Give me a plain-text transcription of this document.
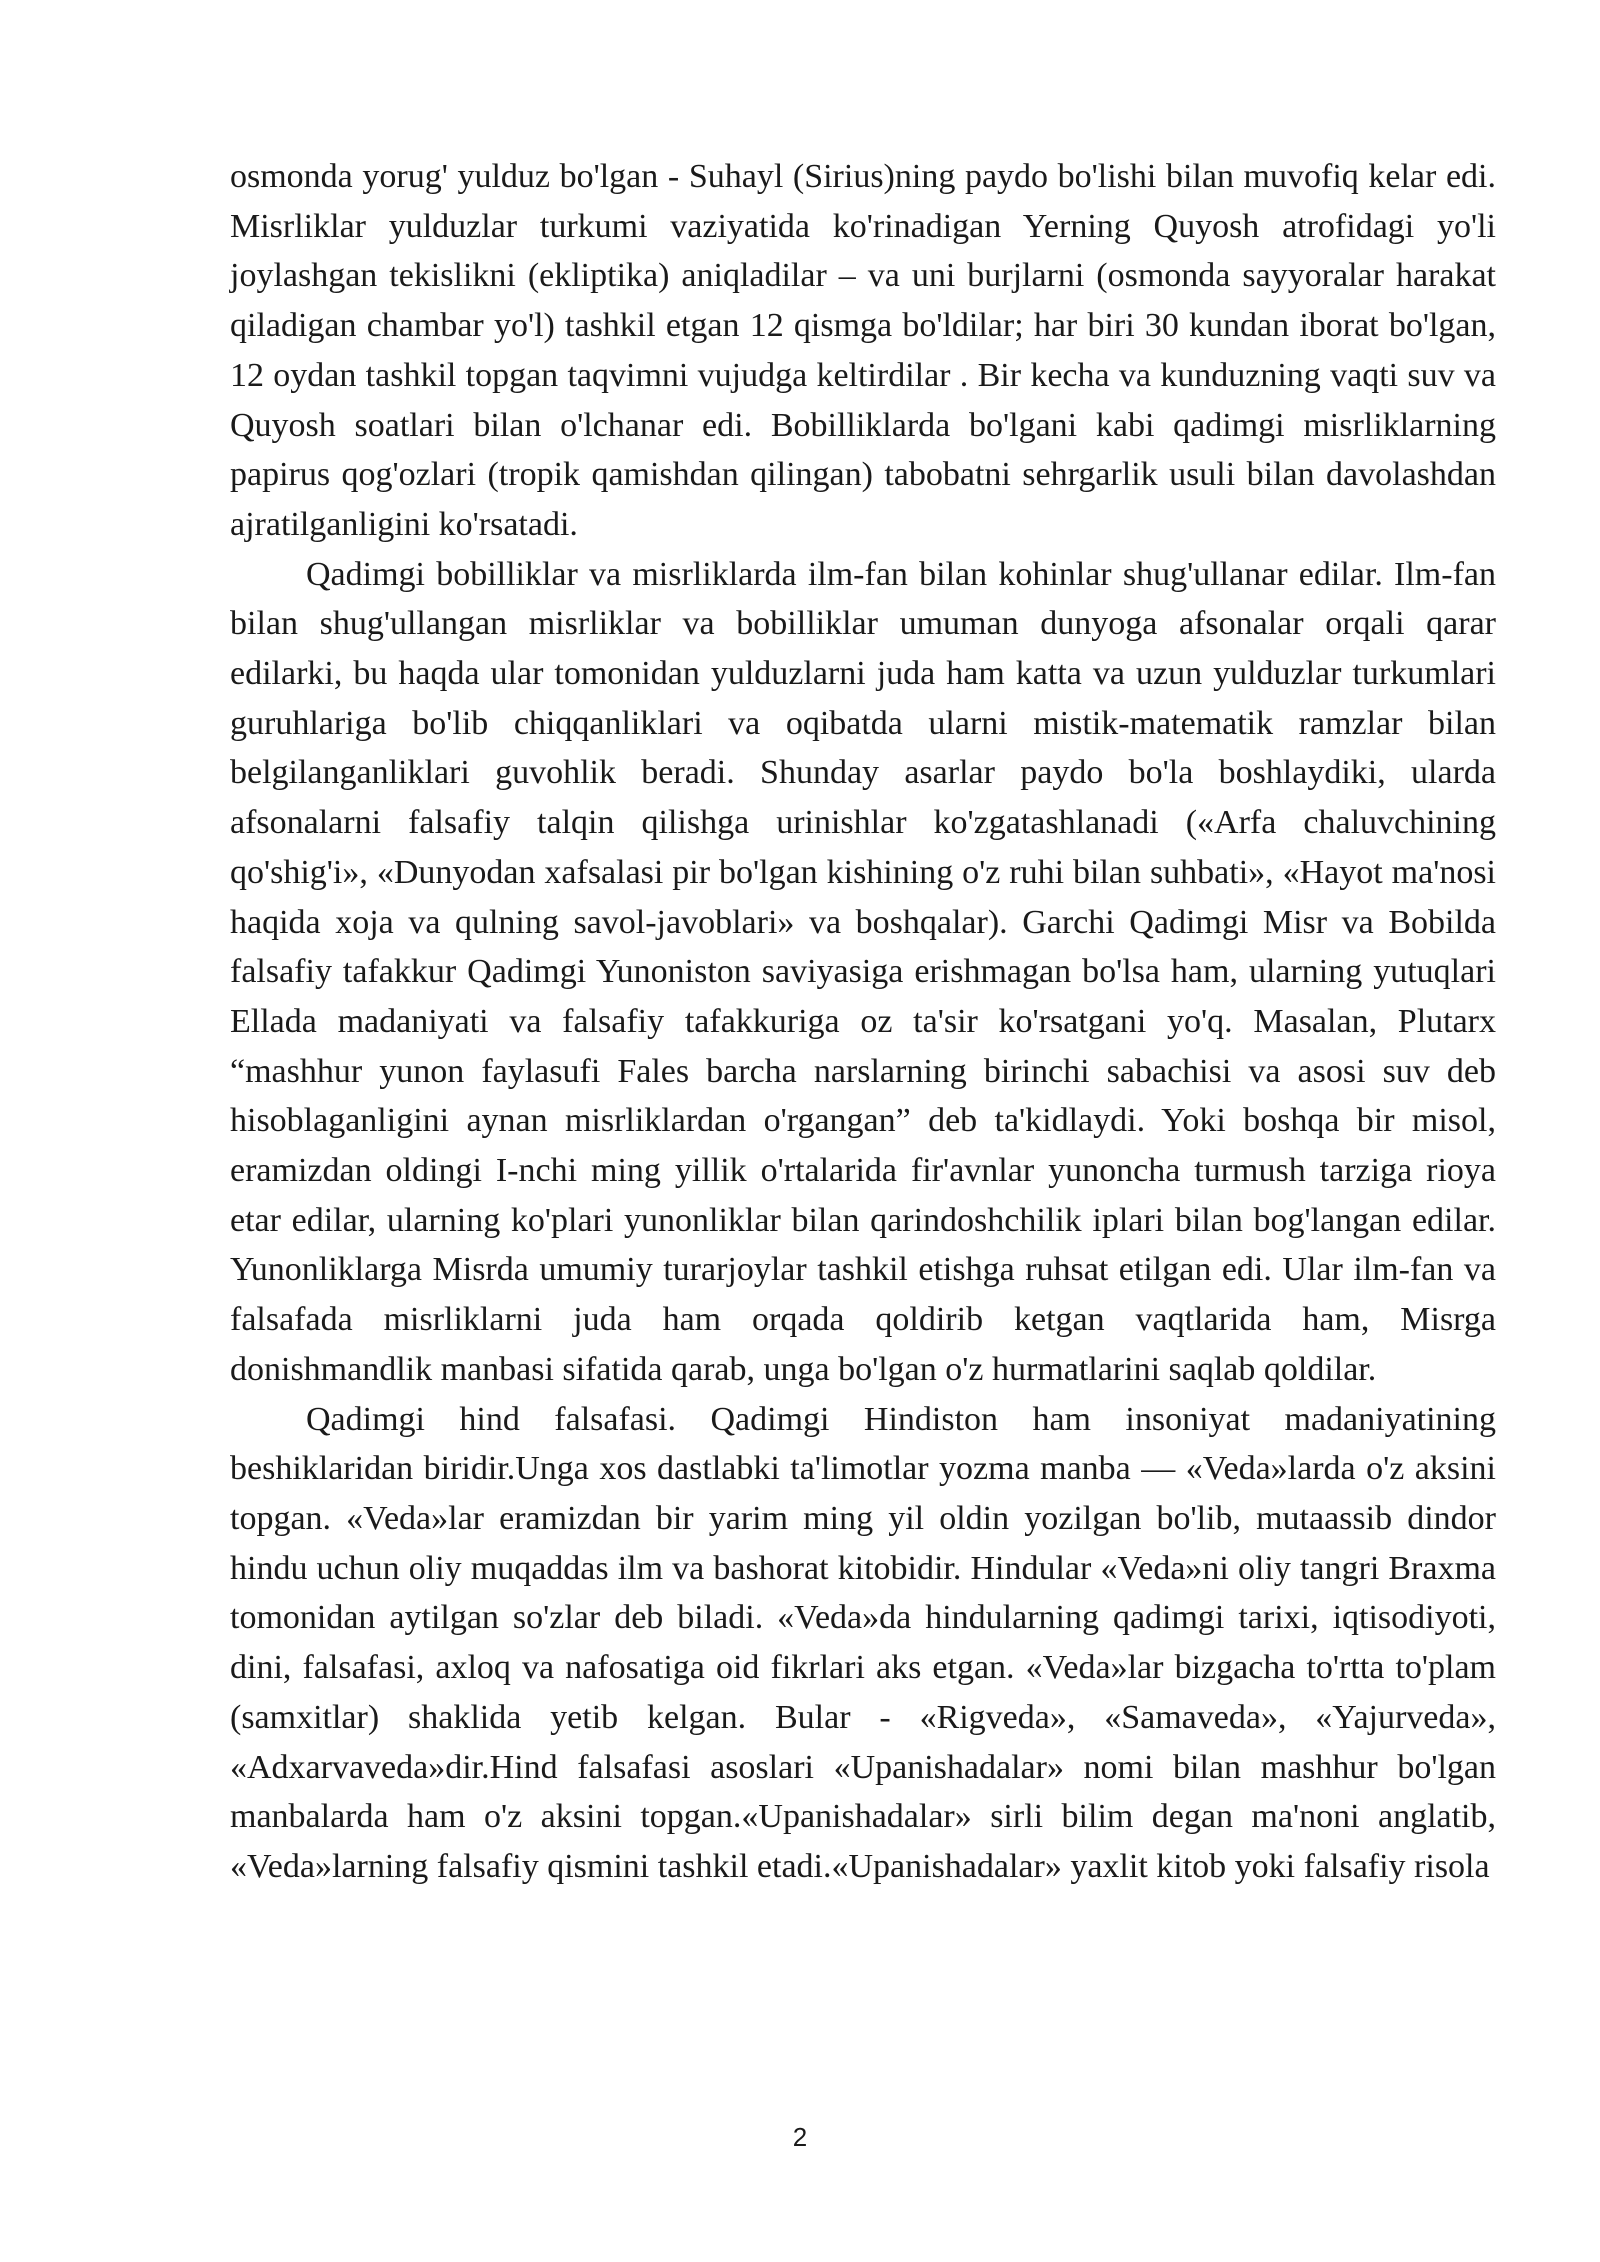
osmonda yorug' yulduz bo'lgan - Suhayl (Sirius)ning paydo bo'lishi bilan muvofiq kelar edi. Misrliklar yulduzlar turkumi vaziyatida ko'rinadigan Yerning Quyosh atrofidagi yo'li joylashgan tekislikni (ekliptika) aniqladilar – va uni burjlarni (osmonda sayyoralar harakat qiladigan chambar yo'l) tashkil etgan 12 qismga bo'ldilar; har biri 30 kundan iborat bo'lgan, 12 oydan tashkil topgan taqvimni vujudga keltirdilar . Bir kecha va kunduzning vaqti suv va Quyosh soatlari bilan o'lchanar edi. Bobilliklarda bo'lgani kabi qadimgi misrliklarning papirus qog'ozlari (tropik qamishdan qilingan) tabobatni sehrgarlik usuli bilan davolashdan ajratilganligini ko'rsatadi.

Qadimgi bobilliklar va misrliklarda ilm-fan bilan kohinlar shug'ullanar edilar. Ilm-fan bilan shug'ullangan misrliklar va bobilliklar umuman dunyoga afsonalar orqali qarar edilarki, bu haqda ular tomonidan yulduzlarni juda ham katta va uzun yulduzlar turkumlari guruhlariga bo'lib chiqqanliklari va oqibatda ularni mistik-matematik ramzlar bilan belgilanganliklari guvohlik beradi. Shunday asarlar paydo bo'la boshlaydiki, ularda afsonalarni falsafiy talqin qilishga urinishlar ko'zgatashlanadi («Arfa chaluvchining qo'shig'i», «Dunyodan xafsalasi pir bo'lgan kishining o'z ruhi bilan suhbati», «Hayot ma'nosi haqida xoja va qulning savol-javoblari» va boshqalar). Garchi Qadimgi Misr va Bobilda falsafiy tafakkur Qadimgi Yunoniston saviyasiga erishmagan bo'lsa ham, ularning yutuqlari Ellada madaniyati va falsafiy tafakkuriga oz ta'sir ko'rsatgani yo'q. Masalan, Plutarx “mashhur yunon faylasufi Fales barcha narslarning birinchi sabachisi va asosi suv deb hisoblaganligini aynan misrliklardan o'rgangan” deb ta'kidlaydi. Yoki boshqa bir misol, eramizdan oldingi I-nchi ming yillik o'rtalarida fir'avnlar yunoncha turmush tarziga rioya etar edilar, ularning ko'plari yunonliklar bilan qarindoshchilik iplari bilan bog'langan edilar. Yunonliklarga Misrda umumiy turarjoylar tashkil etishga ruhsat etilgan edi. Ular ilm-fan va falsafada misrliklarni juda ham orqada qoldirib ketgan vaqtlarida ham, Misrga donishmandlik manbasi sifatida qarab, unga bo'lgan o'z hurmatlarini saqlab qoldilar.

Qadimgi hind falsafasi. Qadimgi Hindiston ham insoniyat madaniyatining beshiklaridan biridir.Unga xos dastlabki ta'limotlar yozma manba — «Veda»larda o'z aksini topgan. «Veda»lar eramizdan bir yarim ming yil oldin yozilgan bo'lib, mutaassib dindor hindu uchun oliy muqaddas ilm va bashorat kitobidir. Hindular «Veda»ni oliy tangri Braxma tomonidan aytilgan so'zlar deb biladi. «Veda»da hindularning qadimgi tarixi, iqtisodiyoti, dini, falsafasi, axloq va nafosatiga oid fikrlari aks etgan. «Veda»lar bizgacha to'rtta to'plam (samxitlar) shaklida yetib kelgan. Bular - «Rigveda», «Samaveda», «Yajurveda», «Adxarvaveda»dir.Hind falsafasi asoslari «Upanishadalar» nomi bilan mashhur bo'lgan manbalarda ham o'z aksini topgan.«Upanishadalar» sirli bilim degan ma'noni anglatib, «Veda»larning falsafiy qismini tashkil etadi.«Upanishadalar» yaxlit kitob yoki falsafiy risola

2
